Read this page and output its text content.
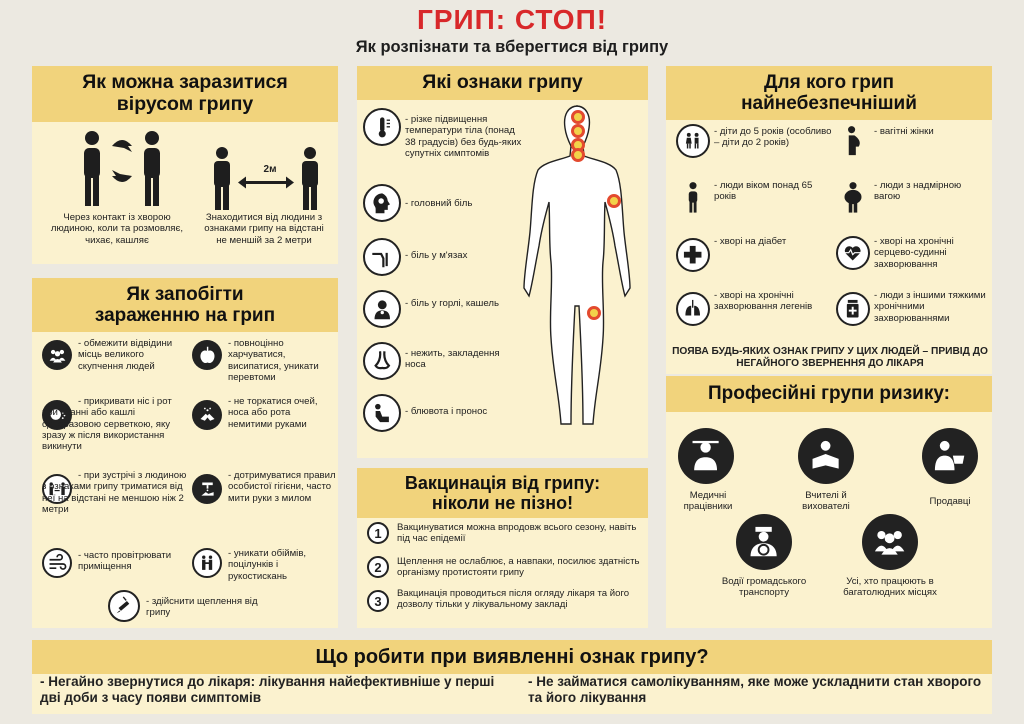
ГРИП: СТОП!
Як розпізнати та вберегтися від грипу
Як можна заразитися вірусом грипу
Через контакт із хворою людиною, коли та розмовляє, чихає, кашляє
2м
Знаходитися від людини з ознаками грипу на відстані не меншій за 2 метри
Як запобігти зараженню на грип
- обмежити відвідини місць великого скупчення людей
- повноцінно харчуватися, висипатися, уникати перевтоми
- прикривати ніс і рот при чханні або кашлі одноразовою серветкою, яку зразу ж після використання викинути
- не торкатися очей, носа або рота немитими руками
- при зустрічі з людиною з ознаками грипу триматися від неї на відстані не меншою ніж 2 метри
- дотримуватися правил особистої гігієни, часто мити руки з милом
- часто провітрювати приміщення
- уникати обіймів, поцілунків і рукостискань
- здійснити щеплення від грипу
Які ознаки грипу
- різке підвищення температури тіла (понад 38 градусів) без будь-яких супутніх симптомів
- головний біль
- біль у м'язах
- біль у горлі, кашель
- нежить, закладення носа
- блювота і пронос
Вакцинація від грипу: ніколи не пізно!
1	Вакцинуватися можна впродовж всього сезону, навіть під час епідемії
2	Щеплення не ослаблює, а навпаки, посилює здатність організму протистояти грипу
3	Вакцинація проводиться після огляду лікаря та його дозволу тільки у лікувальному закладі
Для кого грип найнебезпечніший
- діти до 5 років (особливо – діти до 2 років)
- вагітні жінки
- люди віком понад 65 років
- люди з надмірною вагою
- хворі на діабет	- хворі на хронічні серцево-судинні захворювання
- хворі на хронічні захворювання легенів
- люди з іншими тяжкими хронічними захворюваннями
ПОЯВА БУДЬ-ЯКИХ ОЗНАК ГРИПУ У ЦИХ ЛЮДЕЙ – ПРИВІД ДО НЕГАЙНОГО ЗВЕРНЕННЯ ДО ЛІКАРЯ
Професійні групи ризику:
Медичні працівники
Вчителі й вихователі	Продавці
Водії громадського транспорту
Усі, хто працюють в багатолюдних місцях
Що робити при виявленні ознак грипу?
- Негайно звернутися до лікаря: лікування найефективніше у перші дві доби з часу появи симптомів
- Не займатися самолікуванням, яке може ускладнити стан хворого та його лікування
